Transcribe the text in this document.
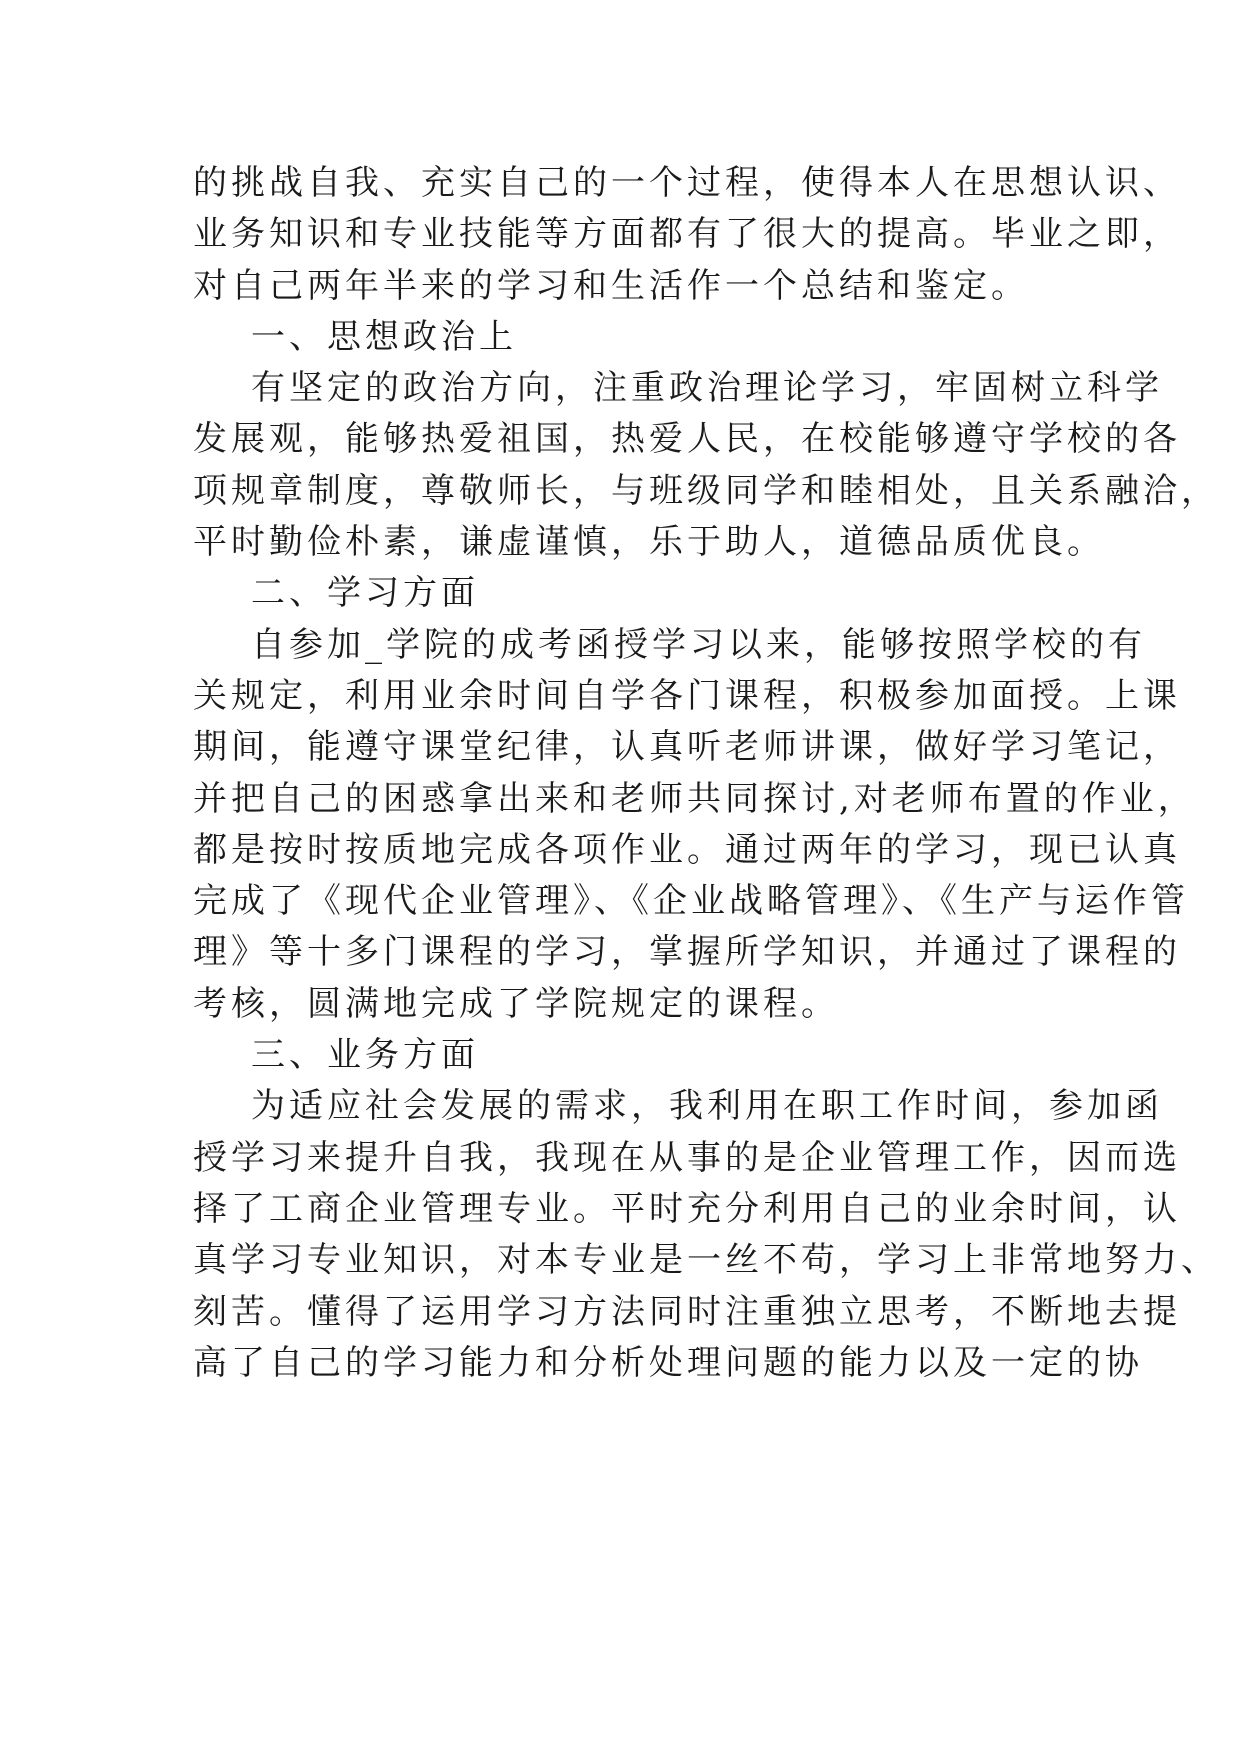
的挑战自我、充实自己的一个过程，使得本人在思想认识、
业务知识和专业技能等方面都有了很大的提高。毕业之即，
对自己两年半来的学习和生活作一个总结和鉴定。
一、思想政治上
有坚定的政治方向，注重政治理论学习，牢固树立科学
发展观，能够热爱祖国，热爱人民，在校能够遵守学校的各
项规章制度，尊敬师长，与班级同学和睦相处，且关系融洽，
平时勤俭朴素，谦虚谨慎，乐于助人，道德品质优良。
二、学习方面
自参加_学院的成考函授学习以来，能够按照学校的有
关规定，利用业余时间自学各门课程，积极参加面授。上课
期间，能遵守课堂纪律，认真听老师讲课，做好学习笔记，
并把自己的困惑拿出来和老师共同探讨,对老师布置的作业，
都是按时按质地完成各项作业。通过两年的学习，现已认真
完成了《现代企业管理》、《企业战略管理》、《生产与运作管
理》等十多门课程的学习，掌握所学知识，并通过了课程的
考核，圆满地完成了学院规定的课程。
三、业务方面
为适应社会发展的需求，我利用在职工作时间，参加函
授学习来提升自我，我现在从事的是企业管理工作，因而选
择了工商企业管理专业。平时充分利用自己的业余时间，认
真学习专业知识，对本专业是一丝不苟，学习上非常地努力、
刻苦。懂得了运用学习方法同时注重独立思考，不断地去提
高了自己的学习能力和分析处理问题的能力以及一定的协
